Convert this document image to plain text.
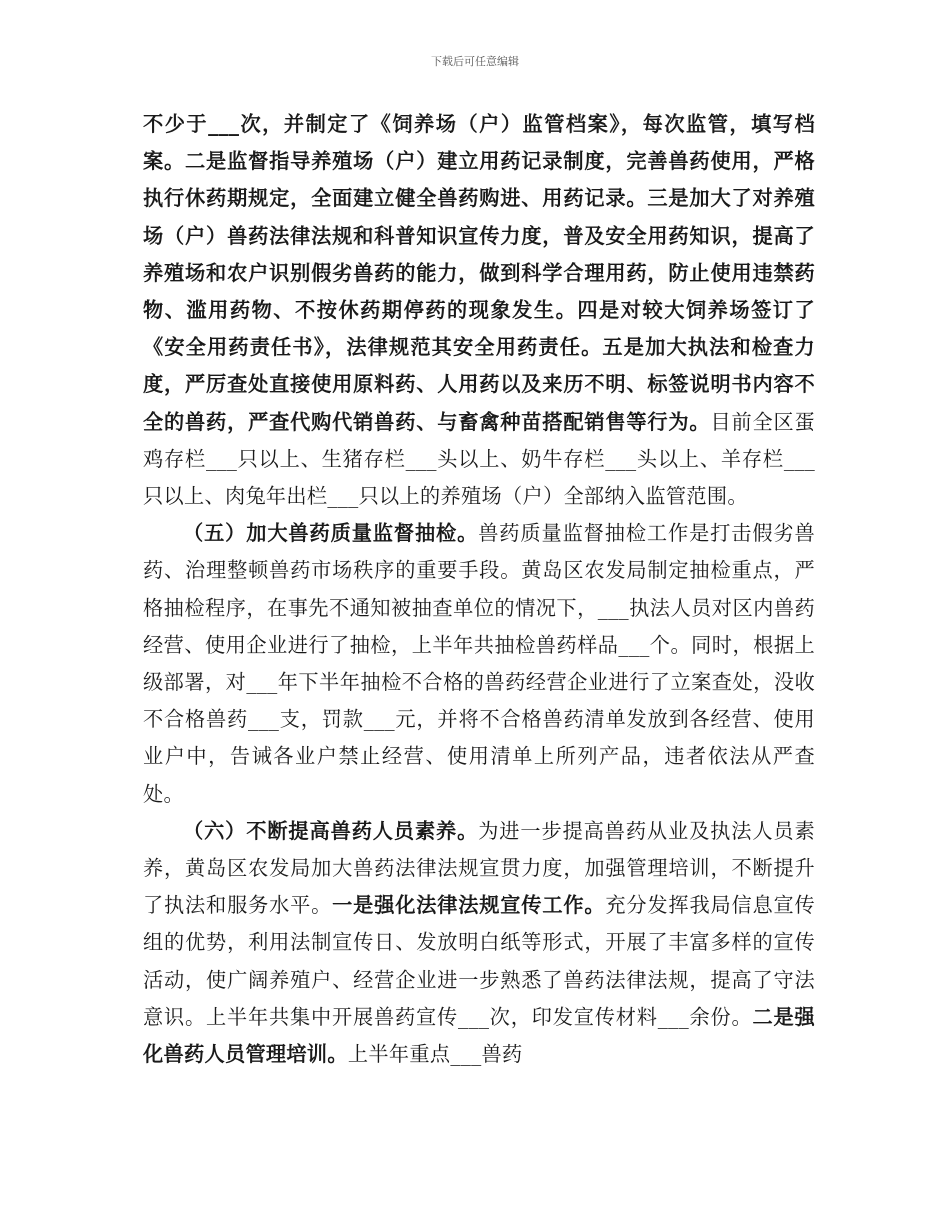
下载后可任意编辑

不少于___次，并制定了《饲养场（户）监管档案》，每次监管，填写档案。二是监督指导养殖场（户）建立用药记录制度，完善兽药使用，严格执行休药期规定，全面建立健全兽药购进、用药记录。三是加大了对养殖场（户）兽药法律法规和科普知识宣传力度，普及安全用药知识，提高了养殖场和农户识别假劣兽药的能力，做到科学合理用药，防止使用违禁药物、滥用药物、不按休药期停药的现象发生。四是对较大饲养场签订了《安全用药责任书》，法律规范其安全用药责任。五是加大执法和检查力度，严厉查处直接使用原料药、人用药以及来历不明、标签说明书内容不全的兽药，严查代购代销兽药、与畜禽种苗搭配销售等行为。目前全区蛋鸡存栏___只以上、生猪存栏___头以上、奶牛存栏___头以上、羊存栏___只以上、肉兔年出栏___只以上的养殖场（户）全部纳入监管范围。

（五）加大兽药质量监督抽检。兽药质量监督抽检工作是打击假劣兽药、治理整顿兽药市场秩序的重要手段。黄岛区农发局制定抽检重点，严格抽检程序，在事先不通知被抽查单位的情况下，___执法人员对区内兽药经营、使用企业进行了抽检，上半年共抽检兽药样品___个。同时，根据上级部署，对___年下半年抽检不合格的兽药经营企业进行了立案查处，没收不合格兽药___支，罚款___元，并将不合格兽药清单发放到各经营、使用业户中，告诫各业户禁止经营、使用清单上所列产品，违者依法从严查处。

（六）不断提高兽药人员素养。为进一步提高兽药从业及执法人员素养，黄岛区农发局加大兽药法律法规宣贯力度，加强管理培训，不断提升了执法和服务水平。一是强化法律法规宣传工作。充分发挥我局信息宣传组的优势，利用法制宣传日、发放明白纸等形式，开展了丰富多样的宣传活动，使广阔养殖户、经营企业进一步熟悉了兽药法律法规，提高了守法意识。上半年共集中开展兽药宣传___次，印发宣传材料___余份。二是强化兽药人员管理培训。上半年重点___兽药
